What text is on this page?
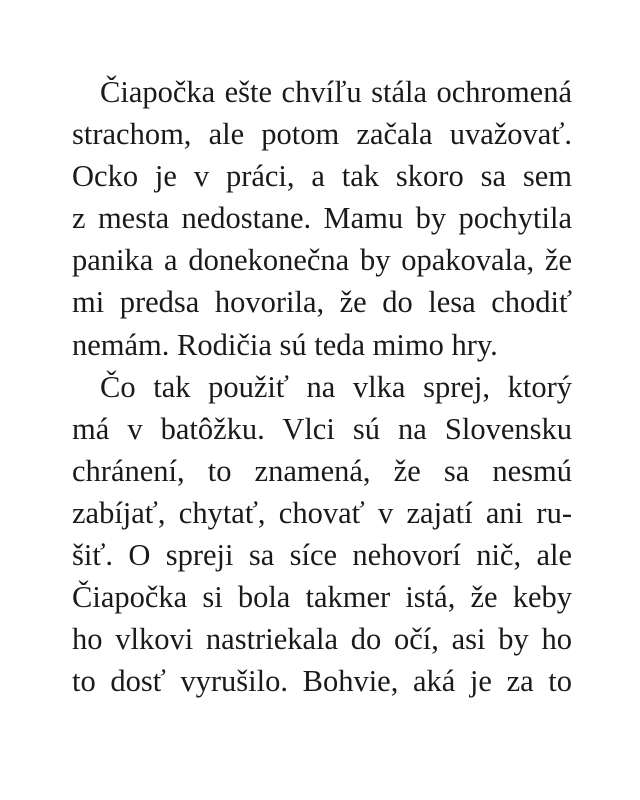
Čiapočka ešte chvíľu stála ochromená
strachom, ale potom začala uvažovať.
Ocko je v práci, a tak skoro sa sem
z mesta nedostane. Mamu by pochytila
panika a donekonečna by opakovala, že
mi predsa hovorila, že do lesa chodiť
nemám. Rodičia sú teda mimo hry.
Čo tak použiť na vlka sprej, ktorý
má v batôžku. Vlci sú na Slovensku
chránení, to znamená, že sa nesmú
zabíjať, chytať, chovať v zajatí ani ru-
šiť. O spreji sa síce nehovorí nič, ale
Čiapočka si bola takmer istá, že keby
ho vlkovi nastriekala do očí, asi by ho
to dosť vyrušilo. Bohvie, aká je za to
